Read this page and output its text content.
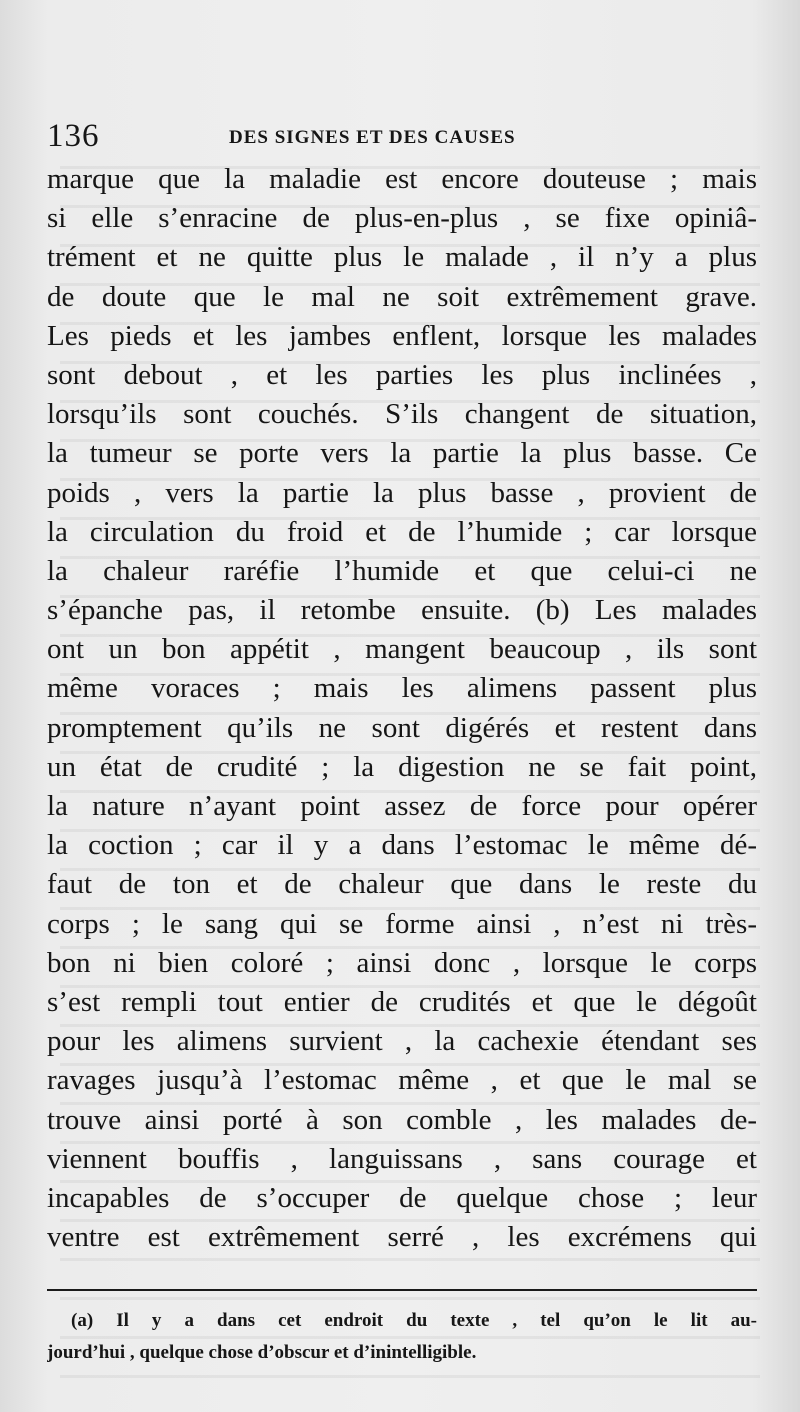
136	DES SIGNES ET DES CAUSES
marque que la maladie est encore douteuse ; mais
si elle s’enracine de plus-en-plus , se fixe opiniâ-
trément et ne quitte plus le malade , il n’y a plus
de doute que le mal ne soit extrêmement grave.
Les pieds et les jambes enflent, lorsque les malades
sont debout , et les parties les plus inclinées ,
lorsqu’ils sont couchés. S’ils changent de situation,
la tumeur se porte vers la partie la plus basse. Ce
poids , vers la partie la plus basse , provient de
la circulation du froid et de l’humide ; car lorsque
la chaleur raréfie l’humide et que celui-ci ne
s’épanche pas, il retombe ensuite. (b) Les malades
ont un bon appétit , mangent beaucoup , ils sont
même voraces ; mais les alimens passent plus
promptement qu’ils ne sont digérés et restent dans
un état de crudité ; la digestion ne se fait point,
la nature n’ayant point assez de force pour opérer
la coction ; car il y a dans l’estomac le même dé-
faut de ton et de chaleur que dans le reste du
corps ; le sang qui se forme ainsi , n’est ni très-
bon ni bien coloré ; ainsi donc , lorsque le corps
s’est rempli tout entier de crudités et que le dégoût
pour les alimens survient , la cachexie étendant ses
ravages jusqu’à l’estomac même , et que le mal se
trouve ainsi porté à son comble , les malades de-
viennent bouffis , languissans , sans courage et
incapables de s’occuper de quelque chose ; leur
ventre est extrêmement serré , les excrémens qui
(a) Il y a dans cet endroit du texte , tel qu’on le lit au-
jourd’hui , quelque chose d’obscur et d’inintelligible.
